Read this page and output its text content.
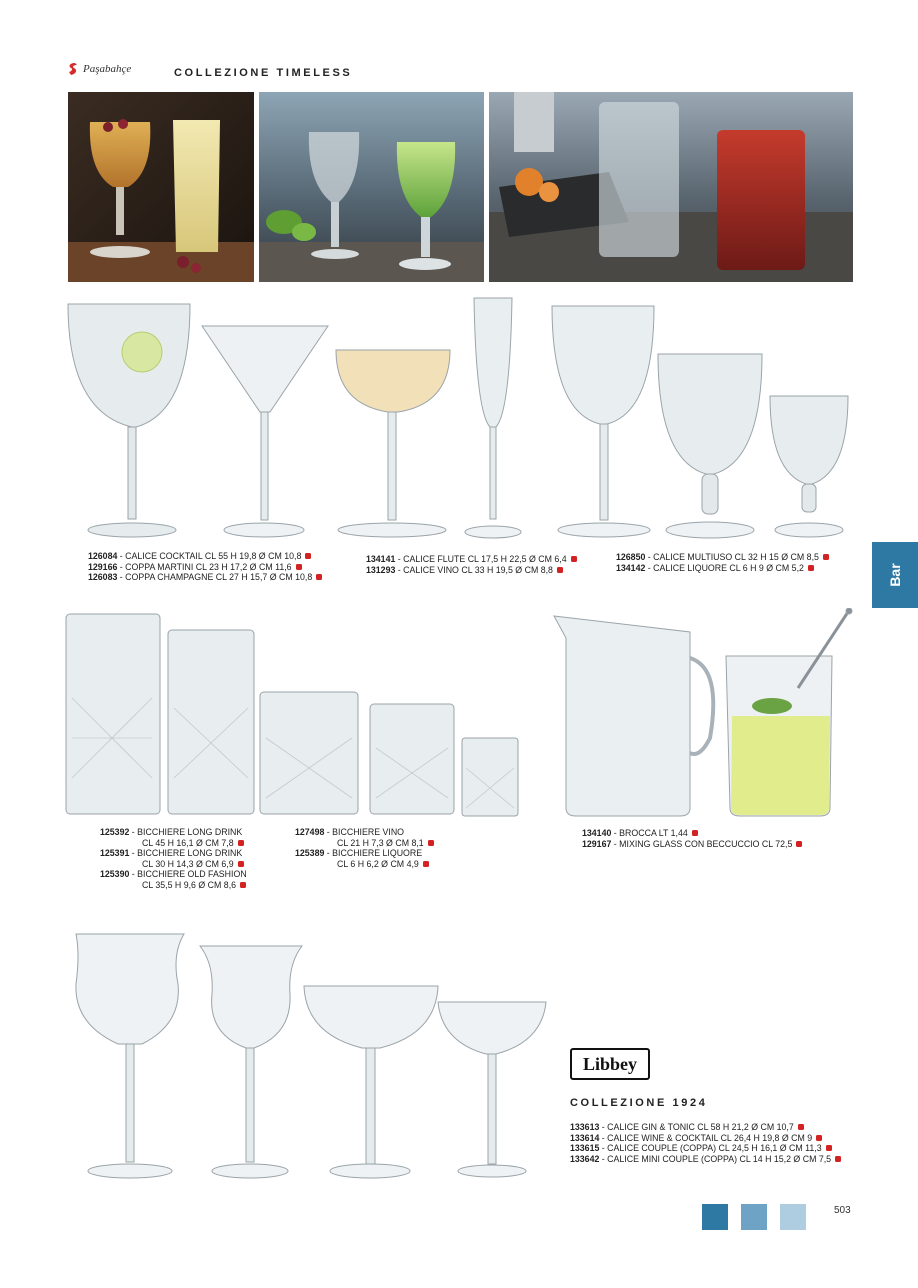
Paşabahçe	COLLEZIONE TIMELESS
126084 - CALICE COCKTAIL CL 55 H 19,8 Ø CM 10,8
129166 - COPPA MARTINI CL 23 H 17,2 Ø CM 11,6
126083 - COPPA CHAMPAGNE CL 27 H 15,7 Ø CM 10,8
134141 - CALICE FLUTE CL 17,5 H 22,5 Ø CM 6,4
131293 - CALICE VINO CL 33 H 19,5 Ø CM 8,8
126850 - CALICE MULTIUSO CL 32 H 15 Ø CM 8,5
134142 - CALICE LIQUORE CL 6 H 9 Ø CM 5,2	Bar
125392 - BICCHIERE LONG DRINK
CL 45 H 16,1 Ø CM 7,8
125391 - BICCHIERE LONG DRINK
CL 30 H 14,3 Ø CM 6,9
125390 - BICCHIERE OLD FASHION
CL 35,5 H 9,6 Ø CM 8,6
127498 - BICCHIERE VINO
CL 21 H 7,3 Ø CM 8,1
125389 - BICCHIERE LIQUORE
CL 6 H 6,2 Ø CM 4,9
134140 - BROCCA LT 1,44
129167 - MIXING GLASS CON BECCUCCIO CL 72,5
Libbey
COLLEZIONE 1924
133613 - CALICE GIN & TONIC CL 58 H 21,2 Ø CM 10,7
133614 - CALICE WINE & COCKTAIL CL 26,4 H 19,8 Ø CM 9
133615 - CALICE COUPLE (COPPA) CL 24,5 H 16,1 Ø CM 11,3
133642 - CALICE MINI COUPLE (COPPA) CL 14 H 15,2 Ø CM 7,5
503
